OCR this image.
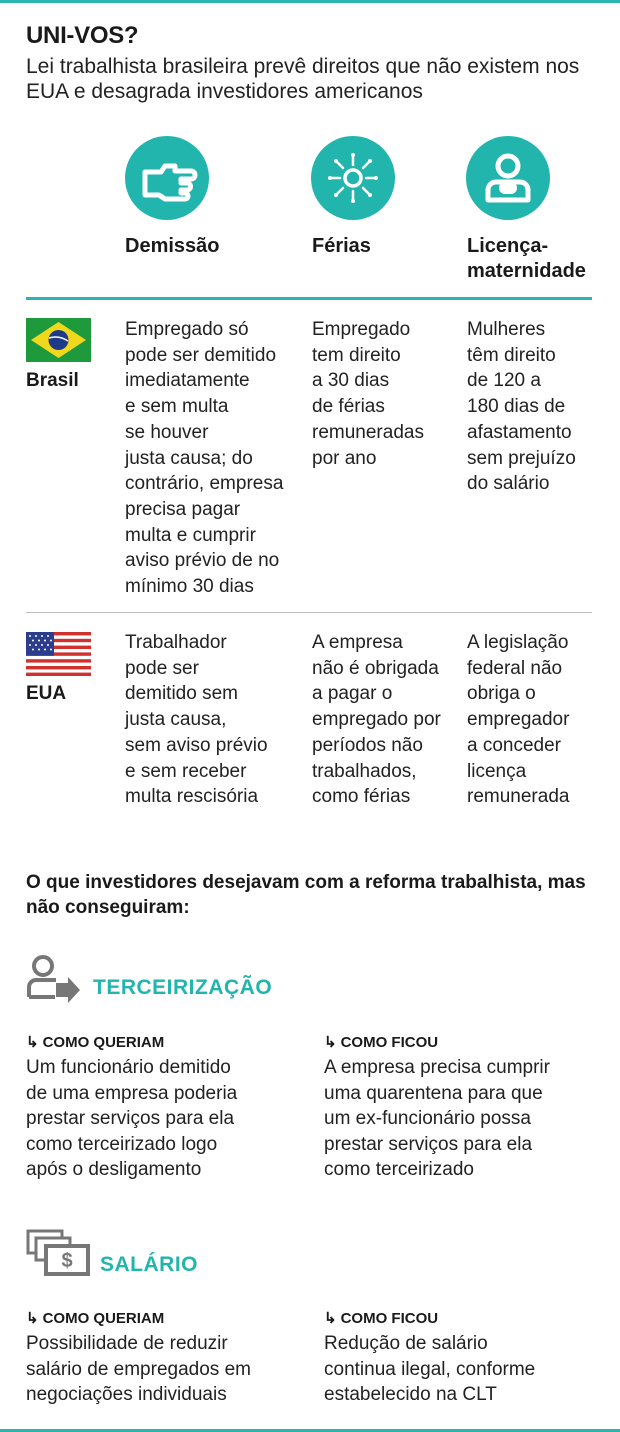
UNI-VOS?
Lei trabalhista brasileira prevê direitos que não existem nos EUA e desagrada investidores americanos
Demissão	Férias	Licença-
maternidade
Brasil
Empregado só
pode ser demitido
imediatamente
e sem multa
se houver
justa causa; do
contrário, empresa
precisa pagar
multa e cumprir
aviso prévio de no
mínimo 30 dias
Empregado
tem direito
a 30 dias
de férias
remuneradas
por ano
Mulheres
têm direito
de 120 a
180 dias de
afastamento
sem prejuízo
do salário
EUA
Trabalhador
pode ser
demitido sem
justa causa,
sem aviso prévio
e sem receber
multa rescisória
A empresa
não é obrigada
a pagar o
empregado por
períodos não
trabalhados,
como férias
A legislação
federal não
obriga o
empregador
a conceder
licença
remunerada
O que investidores desejavam com a reforma trabalhista, mas não conseguiram:
TERCEIRIZAÇÃO
↳ COMO QUERIAM
Um funcionário demitido
de uma empresa poderia
prestar serviços para ela
como terceirizado logo
após o desligamento
↳ COMO FICOU
A empresa precisa cumprir
uma quarentena para que
um ex-funcionário possa
prestar serviços para ela
como terceirizado
$ SALÁRIO
↳ COMO QUERIAM
Possibilidade de reduzir
salário de empregados em
negociações individuais
↳ COMO FICOU
Redução de salário
continua ilegal, conforme
estabelecido na CLT
